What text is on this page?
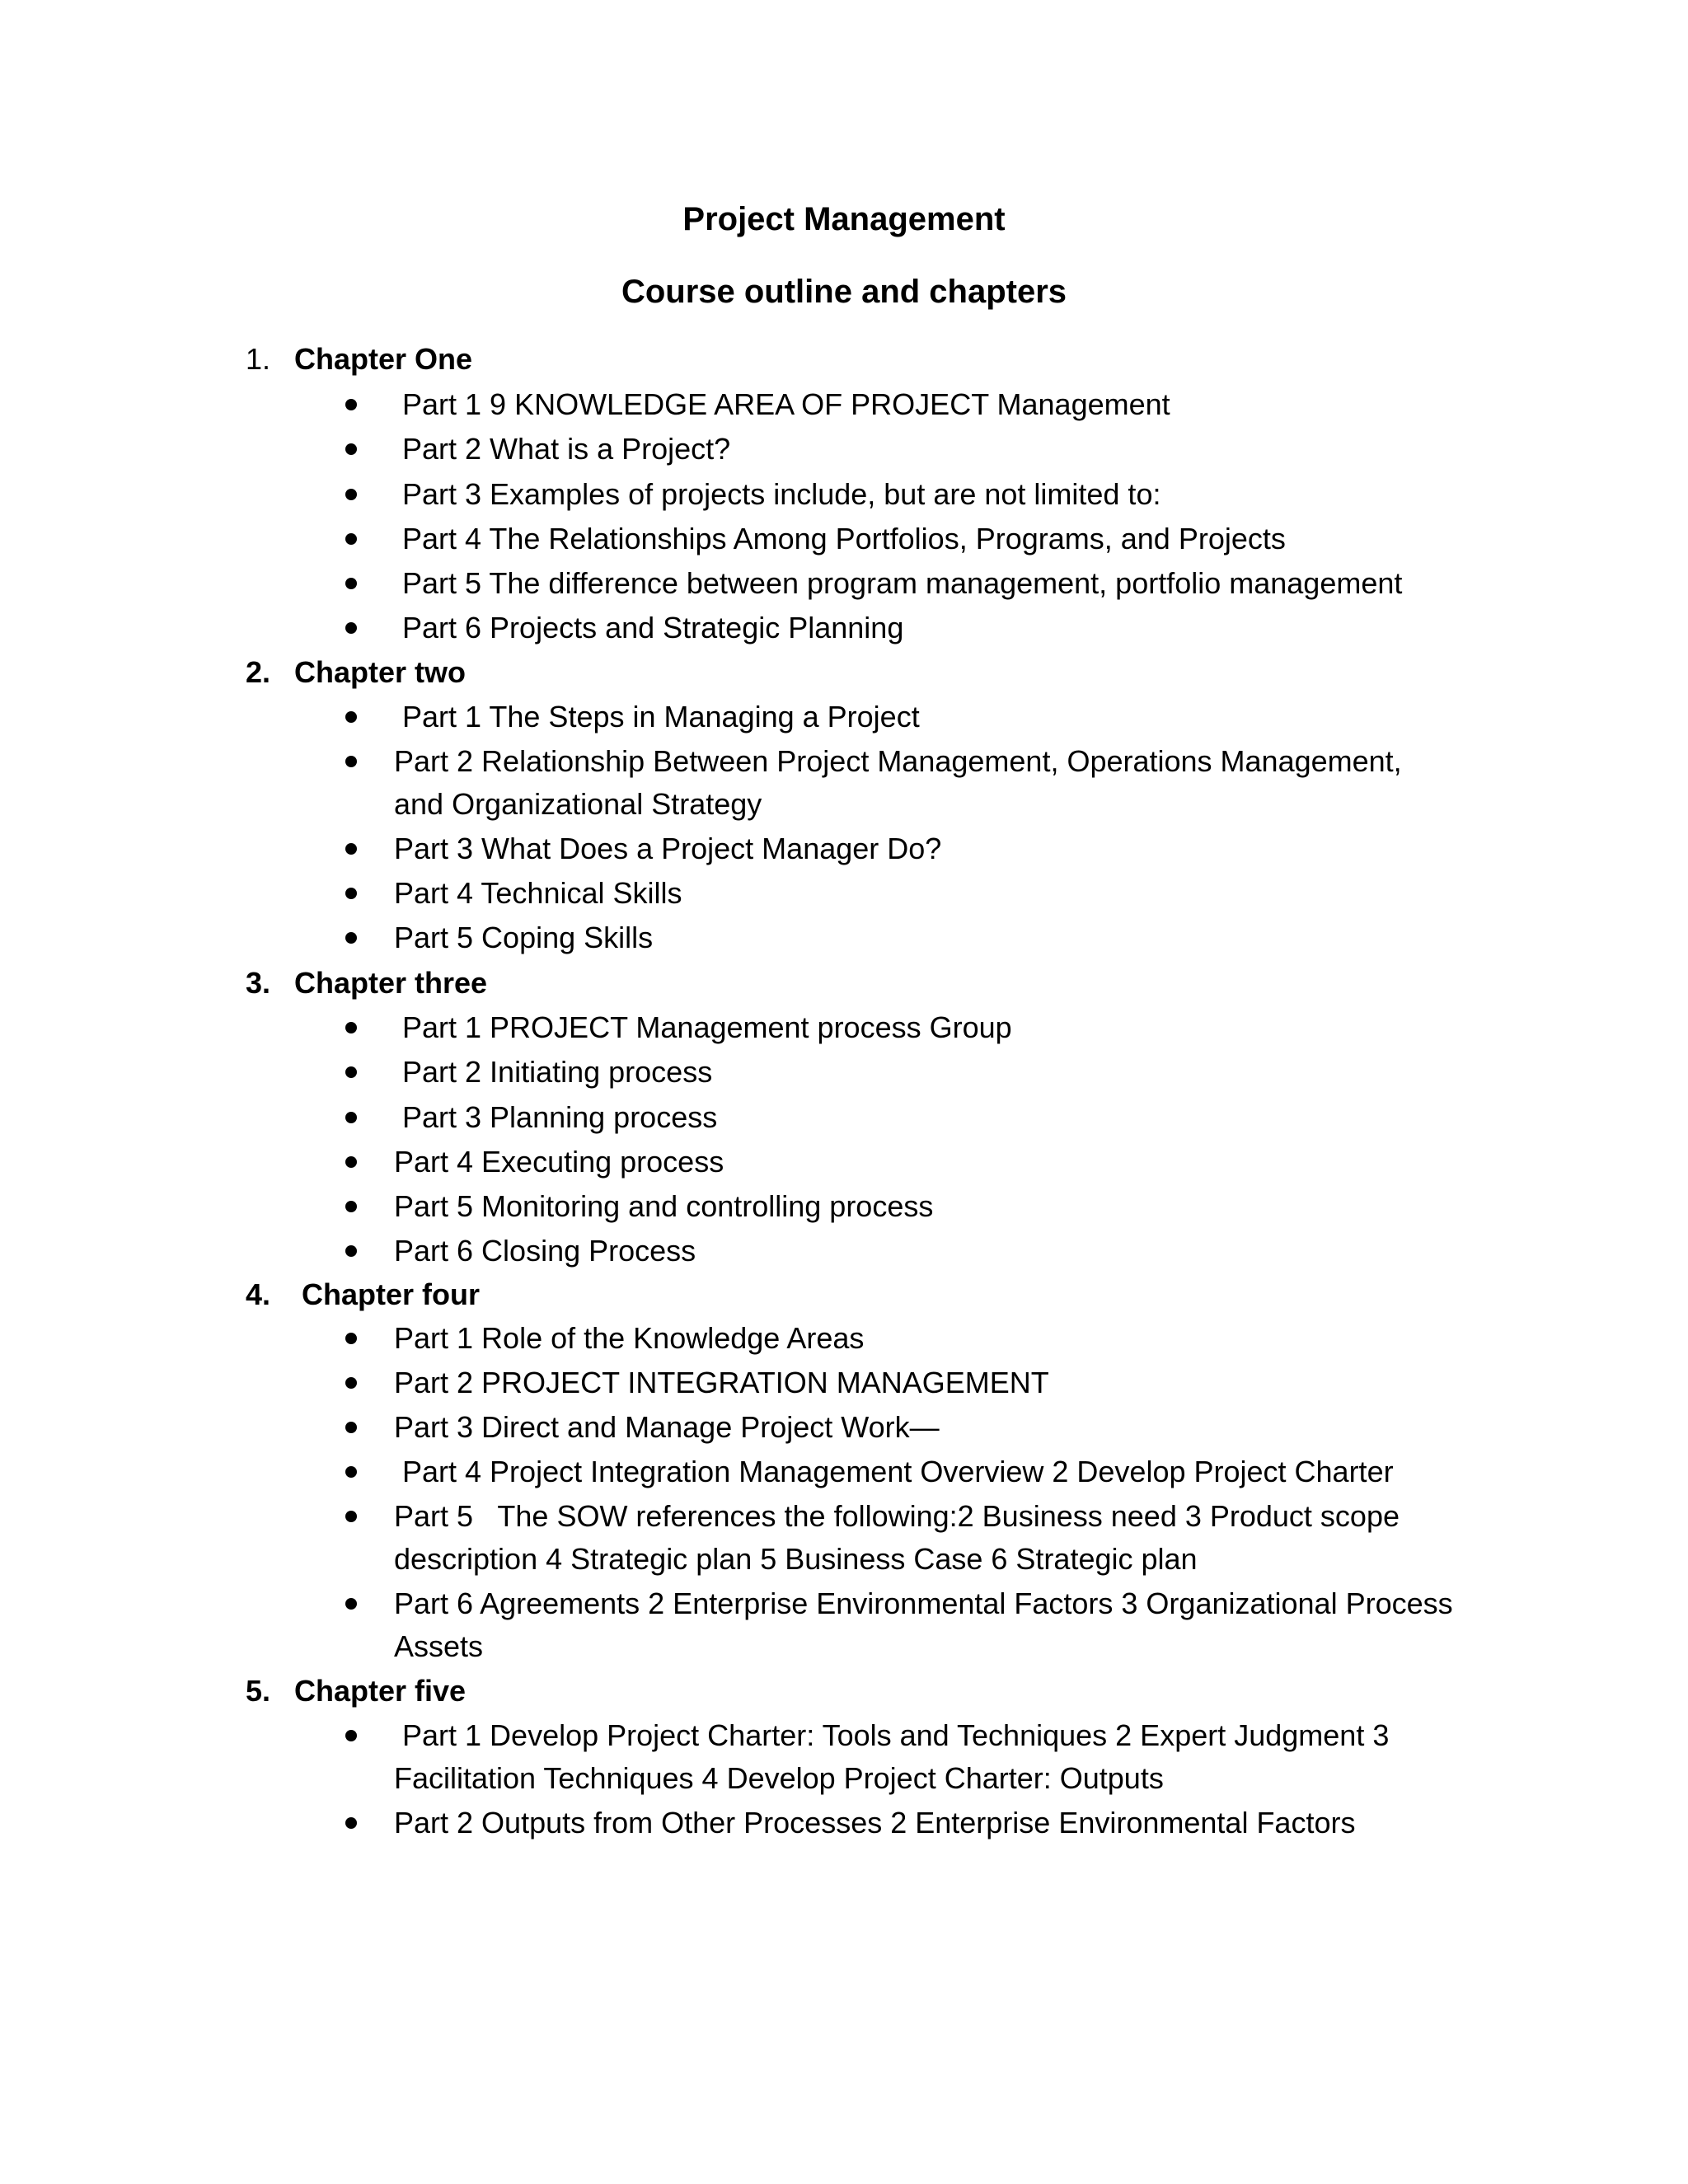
Project Management
Course outline and chapters
1. Chapter One
Part 1 9 KNOWLEDGE AREA OF PROJECT Management
Part 2 What is a Project?
Part 3 Examples of projects include, but are not limited to:
Part 4 The Relationships Among Portfolios, Programs, and Projects
Part 5 The difference between program management, portfolio management
Part 6 Projects and Strategic Planning
2. Chapter two
Part 1 The Steps in Managing a Project
Part 2 Relationship Between Project Management, Operations Management,
and Organizational Strategy
Part 3 What Does a Project Manager Do?
Part 4 Technical Skills
Part 5 Coping Skills
3. Chapter three
Part 1 PROJECT Management process Group
Part 2 Initiating process
Part 3 Planning process
Part 4 Executing process
Part 5 Monitoring and controlling process
Part 6 Closing Process
4. Chapter four
Part 1 Role of the Knowledge Areas
Part 2 PROJECT INTEGRATION MANAGEMENT
Part 3 Direct and Manage Project Work—
Part 4 Project Integration Management Overview 2 Develop Project Charter
Part 5   The SOW references the following:2 Business need 3 Product scope
description 4 Strategic plan 5 Business Case 6 Strategic plan
Part 6 Agreements 2 Enterprise Environmental Factors 3 Organizational Process
Assets
5. Chapter five
Part 1 Develop Project Charter: Tools and Techniques 2 Expert Judgment 3
Facilitation Techniques 4 Develop Project Charter: Outputs
Part 2 Outputs from Other Processes 2 Enterprise Environmental Factors
